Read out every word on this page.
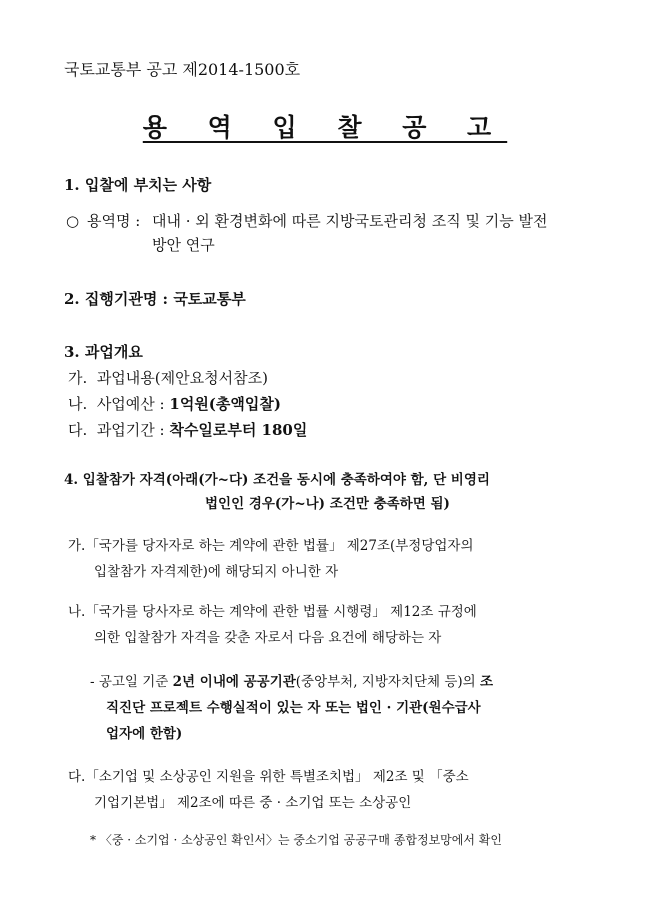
국토교통부 공고 제2014-1500호
용 역 입 찰 공 고
1. 입찰에 부치는 사항
○ 용역명 : 대내 · 외 환경변화에 따른 지방국토관리청 조직 및 기능 발전
방안 연구
2. 집행기관명 : 국토교통부
3. 과업개요
가. 과업내용(제안요청서참조)
나. 사업예산 : 1억원(총액입찰)
다. 과업기간 : 착수일로부터 180일
4. 입찰참가 자격(아래(가~다) 조건을 동시에 충족하여야 함, 단 비영리
법인인 경우(가~나) 조건만 충족하면 됨)
가.「국가를 당자자로 하는 계약에 관한 법률」 제27조(부정당업자의
입찰참가 자격제한)에 해당되지 아니한 자
나.「국가를 당사자로 하는 계약에 관한 법률 시행령」 제12조 규정에
의한 입찰참가 자격을 갖춘 자로서 다음 요건에 해당하는 자
- 공고일 기준 2년 이내에 공공기관(중앙부처, 지방자치단체 등)의 조
직진단 프로젝트 수행실적이 있는 자 또는 법인 · 기관(원수급사
업자에 한함)
다.「소기업 및 소상공인 지원을 위한 특별조치법」 제2조 및 「중소
기업기본법」 제2조에 따른 중 · 소기업 또는 소상공인
* 〈중 · 소기업 · 소상공인 확인서〉는 중소기업 공공구매 종합정보망에서 확인
